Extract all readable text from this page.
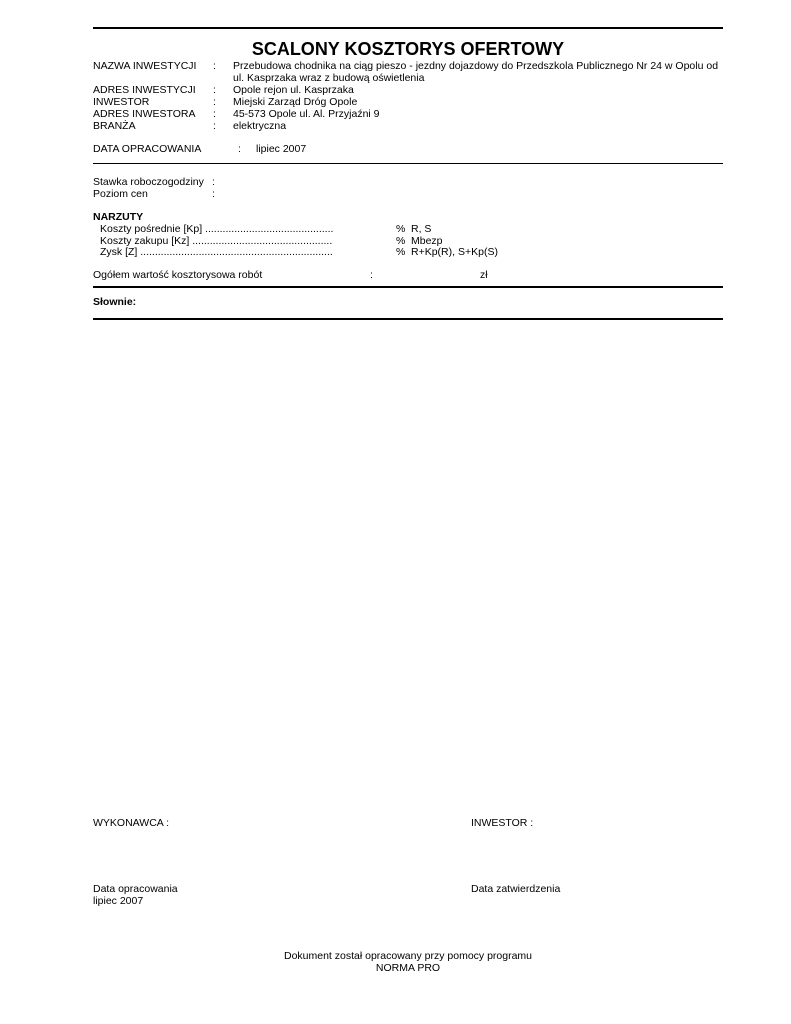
SCALONY KOSZTORYS OFERTOWY
NAZWA INWESTYCJI : Przebudowa chodnika na ciąg pieszo - jezdny dojazdowy do Przedszkola Publicznego Nr 24 w Opolu od ul. Kasprzaka wraz z budową oświetlenia
ADRES INWESTYCJI : Opole rejon ul. Kasprzaka
INWESTOR	: Miejski Zarząd Dróg Opole
ADRES INWESTORA : 45-573 Opole ul. Al. Przyjaźni 9
BRANŻA	: elektryczna
DATA OPRACOWANIA	: lipiec 2007
Stawka roboczogodziny :
Poziom cen	:
NARZUTY
Koszty pośrednie [Kp] ............................................	% R, S
Koszty zakupu [Kz] ................................................	% Mbezp
Zysk [Z] ..................................................................	% R+Kp(R), S+Kp(S)
Ogółem wartość kosztorysowa robót	:	zł
Słownie:
WYKONAWCA :	INWESTOR :
Data opracowania
lipiec 2007
Data zatwierdzenia
Dokument został opracowany przy pomocy programu
NORMA PRO
